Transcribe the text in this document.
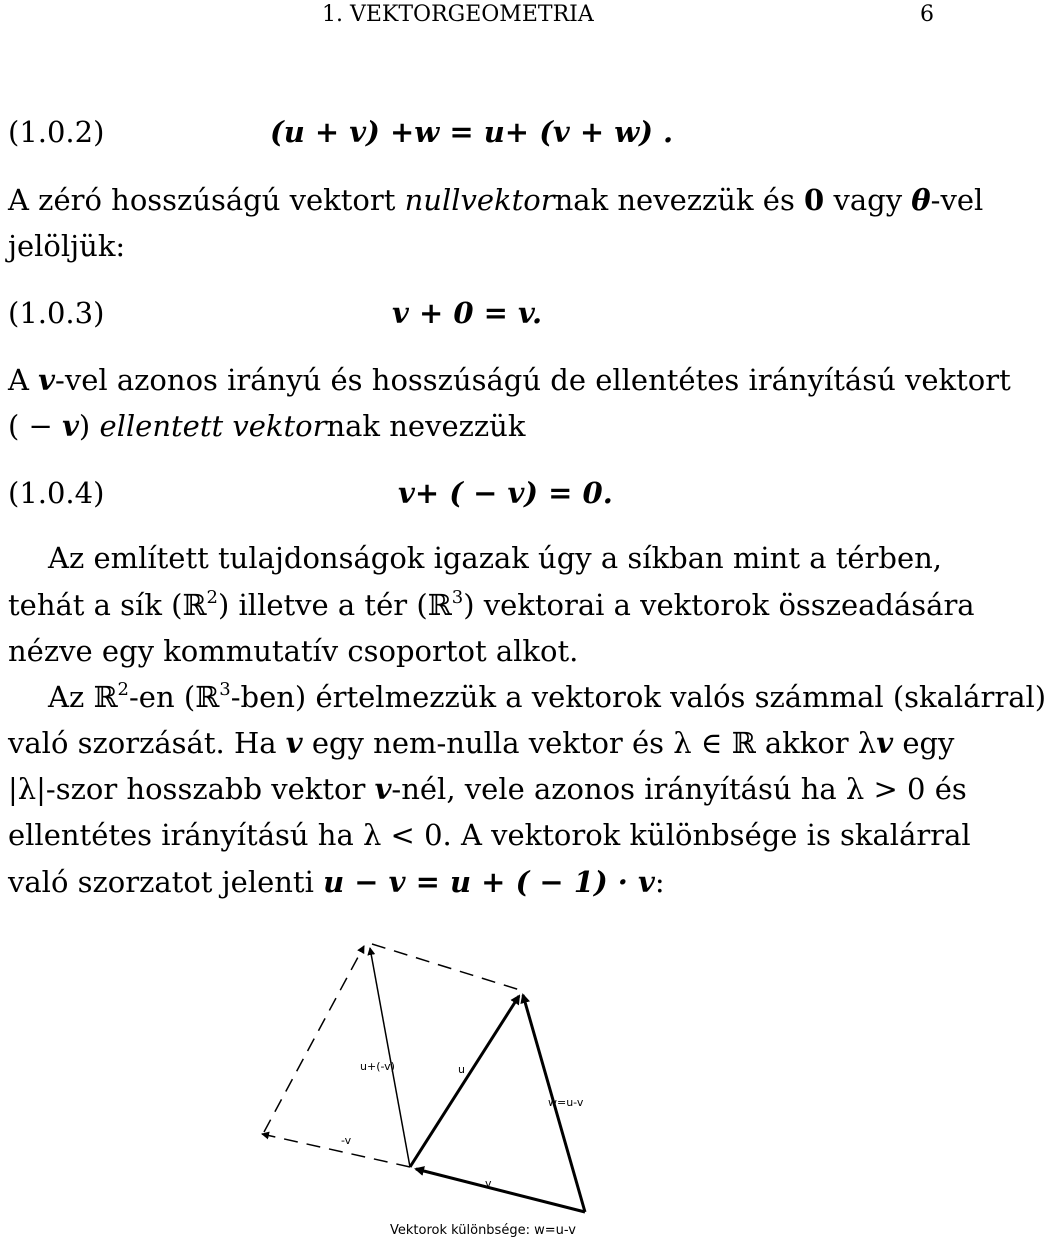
1. VEKTORGEOMETRIA	6
(1.0.2)	(u + v) +w = u+ (v + w) .
A zéró hosszúságú vektort nullvektornak nevezzük és 0 vagy θ-vel
jelöljük:
(1.0.3)	v + 0 = v.
A v-vel azonos irányú és hosszúságú de ellentétes irányítású vektort
( − v) ellentett vektornak nevezzük
(1.0.4)	v+ ( − v) = 0.
Az említett tulajdonságok igazak úgy a síkban mint a térben,
tehát a sík (ℝ$^2$) illetve a tér (ℝ$^3$) vektorai a vektorok összeadására
nézve egy kommutatív csoportot alkot.
Az ℝ$^2$-en (ℝ$^3$-ben) értelmezzük a vektorok valós számmal (skalárral)
való szorzását. Ha v egy nem-nulla vektor és λ ∈ ℝ akkor λv egy
|λ|-szor hosszabb vektor v-nél, vele azonos irányítású ha λ > 0 és
ellentétes irányítású ha λ < 0. A vektorok különbsége is skalárral
való szorzatot jelenti u − v = u + ( − 1) · v:
u+(-v)	u
w=u-v
-v
v
Vektorok különbsége: w=u-v
